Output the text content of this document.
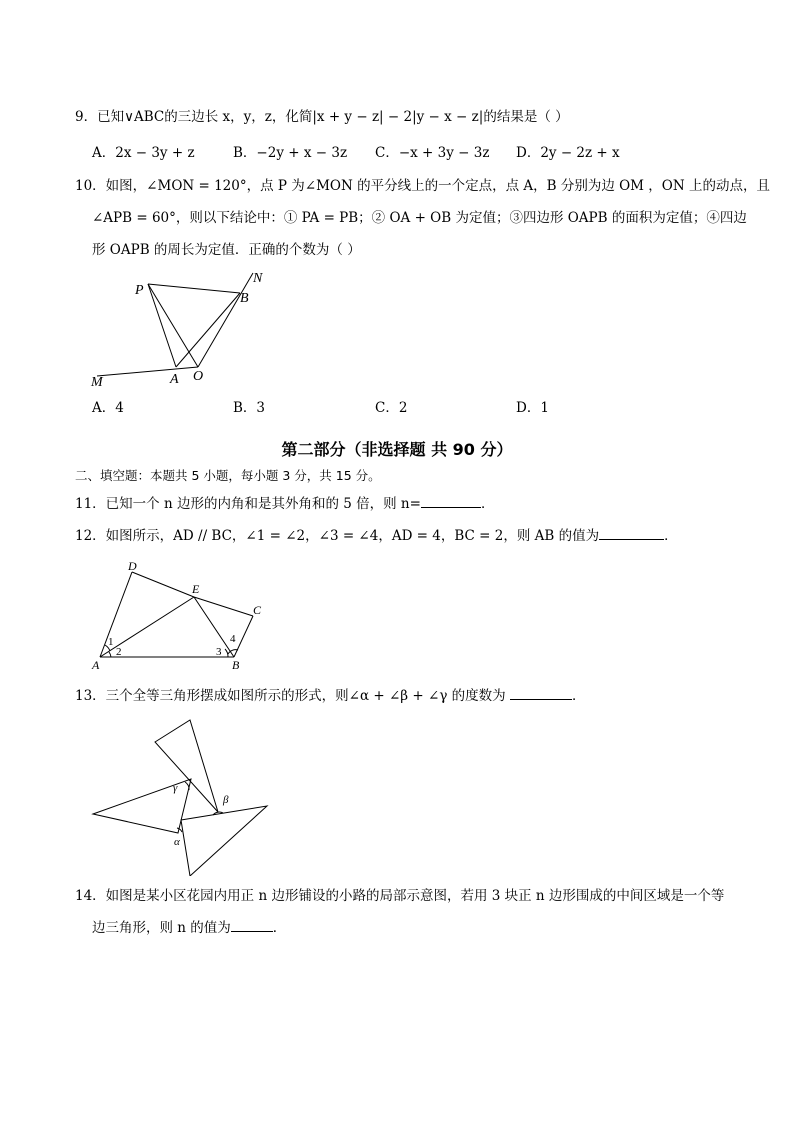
9．已知∨ABC的三边长 x，y，z，化简|x + y − z| − 2|y − x − z|的结果是（ ）
A．2x − 3y + z	B．−2y + x − 3z C．−x + 3y − 3z D．2y − 2z + x
10．如图，∠MON = 120°，点 P 为∠MON 的平分线上的一个定点，点 A，B 分别为边 OM ，ON 上的动点，且
∠APB = 60°，则以下结论中：① PA = PB；② OA + OB 为定值；③四边形 OAPB 的面积为定值；④四边
形 OAPB 的周长为定值．正确的个数为（ ）
P
B
N
M	A O
A．4	B．3	C．2	D．1
第二部分（非选择题 共 90 分）
二、填空题：本题共 5 小题，每小题 3 分，共 15 分。
11．已知一个 n 边形的内角和是其外角和的 5 倍，则 n=	．
12．如图所示，AD // BC，∠1 = ∠2，∠3 = ∠4，AD = 4，BC = 2，则 AB 的值为	．
D
E
C
A	B
1
2	3
4
13．三个全等三角形摆成如图所示的形式，则∠α + ∠β + ∠γ 的度数为	．
γ
β
α
14．如图是某小区花园内用正 n 边形铺设的小路的局部示意图，若用 3 块正 n 边形围成的中间区域是一个等
边三角形，则 n 的值为	．
